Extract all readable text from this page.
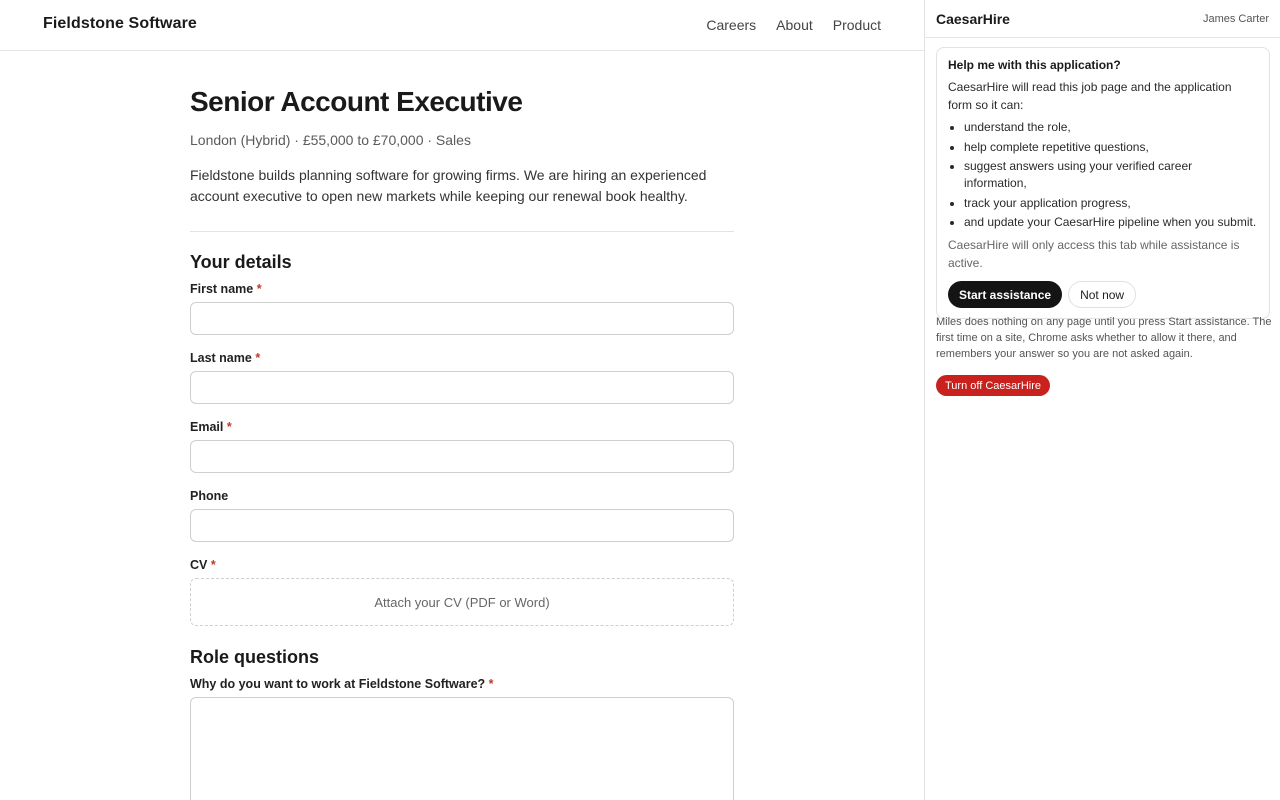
Fieldstone Software	Careers About Product
Senior Account Executive
London (Hybrid) · £55,000 to £70,000 · Sales

Fieldstone builds planning software for growing firms. We are hiring an experienced account executive to open new markets while keeping our renewal book healthy.

Your details
First name *
Last name *
Email *
Phone
CV *
Attach your CV (PDF or Word)
Role questions
Why do you want to work at Fieldstone Software? *
CaesarHire	James Carter
Help me with this application?
CaesarHire will read this job page and the application form so it can:
• understand the role,
• help complete repetitive questions,
• suggest answers using your verified career information,
• track your application progress,
• and update your CaesarHire pipeline when you submit.
CaesarHire will only access this tab while assistance is active.
Start assistance	Not now
Miles does nothing on any page until you press Start assistance. The first time on a site, Chrome asks whether to allow it there, and remembers your answer so you are not asked again.
Turn off CaesarHire
